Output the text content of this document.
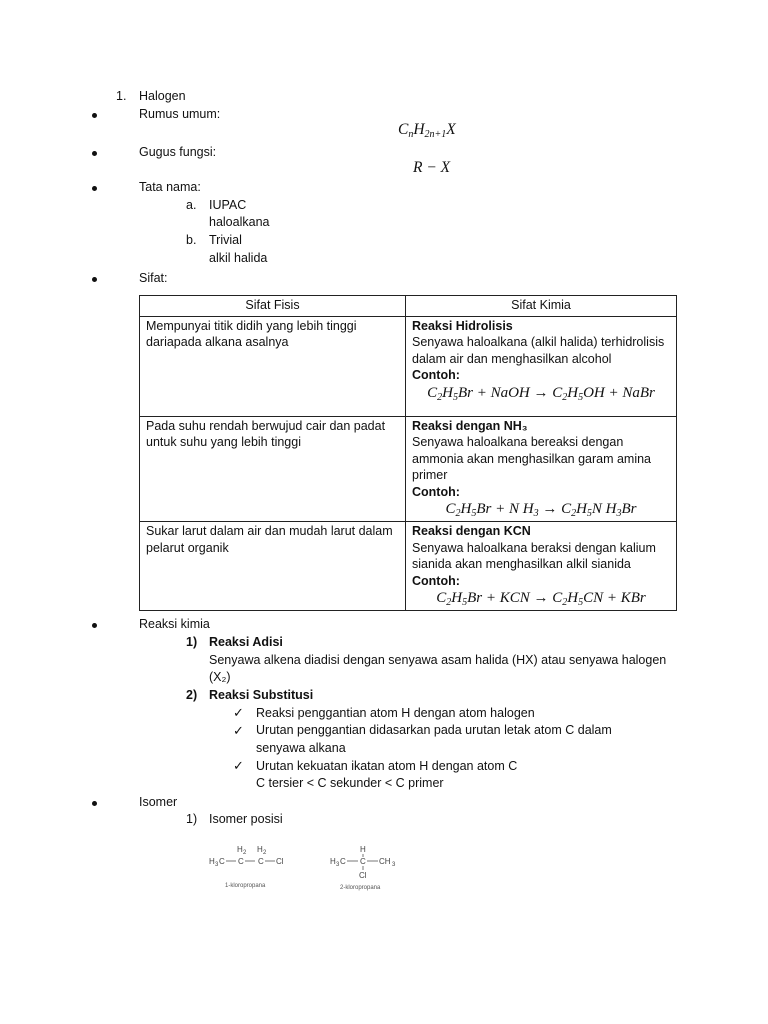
1. Halogen
Rumus umum:
$C_nH_{2n+1}X$
Gugus fungsi:
R − X
Tata nama:
a. IUPAC
haloalkana
b. Trivial
alkil halida
Sifat:
Sifat Fisis	Sifat Kimia
Mempunyai titik didih yang lebih tinggi dariapada alkana asalnya	Reaksi Hidrolisis
Senyawa haloalkana (alkil halida) terhidrolisis dalam air dan menghasilkan alcohol
Contoh:
$C_2H_5Br$ + NaOH → $C_2H_5OH$ + NaBr

Pada suhu rendah berwujud cair dan padat untuk suhu yang lebih tinggi	Reaksi dengan NH₃
Senyawa haloalkana bereaksi dengan ammonia akan menghasilkan garam amina primer
Contoh:
$C_2H_5Br + N$ $H_3 \to C_2H_5N$ $H_3Br$

Sukar larut dalam air dan mudah larut dalam pelarut organik	Reaksi dengan KCN
Senyawa haloalkana beraksi dengan kalium sianida akan menghasilkan alkil sianida
Contoh:
$C_2H_5Br$ + KCN → $C_2H_5CN$ + KBr
Reaksi kimia
1) Reaksi Adisi
Senyawa alkena diadisi dengan senyawa asam halida (HX) atau senyawa halogen
(X₂)
2) Reaksi Substitusi
✓ Reaksi penggantian atom H dengan atom halogen
✓ Urutan penggantian didasarkan pada urutan letak atom C dalam
senyawa alkana
✓ Urutan kekuatan ikatan atom H dengan atom C
C tersier < C sekunder < C primer
Isomer
1) Isomer posisi
H 3 C
H 2
C
H 2
C Cl
1-kloropropana
H
H 3 C C CH 3
Cl
2-kloropropana
